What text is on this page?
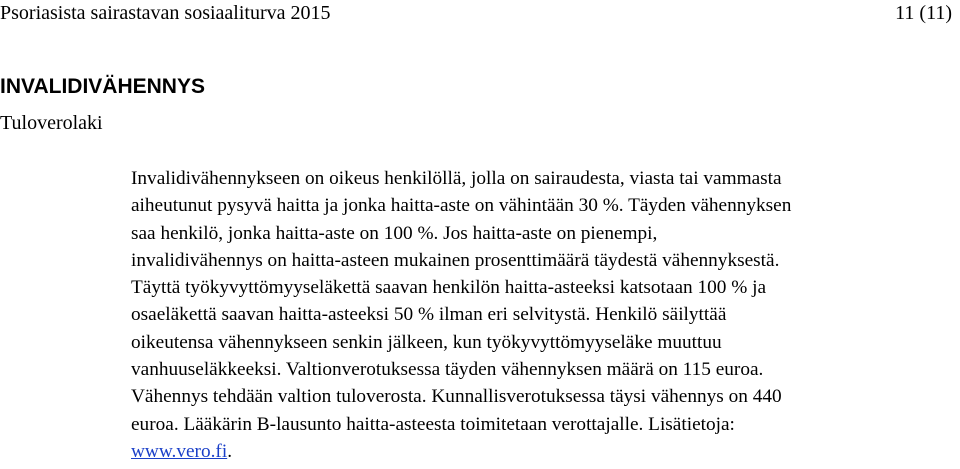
Psoriasista sairastavan sosiaaliturva 2015	11 (11)
INVALIDIVÄHENNYS
Tuloverolaki
Invalidivähennykseen on oikeus henkilöllä, jolla on sairaudesta, viasta tai vammasta
aiheutunut pysyvä haitta ja jonka haitta-aste on vähintään 30 %. Täyden vähennyksen
saa henkilö, jonka haitta-aste on 100 %. Jos haitta-aste on pienempi,
invalidivähennys on haitta-asteen mukainen prosenttimäärä täydestä vähennyksestä.
Täyttä työkyvyttömyyseläkettä saavan henkilön haitta-asteeksi katsotaan 100 % ja
osaeläkettä saavan haitta-asteeksi 50 % ilman eri selvitystä. Henkilö säilyttää
oikeutensa vähennykseen senkin jälkeen, kun työkyvyttömyyseläke muuttuu
vanhuuseläkkeeksi. Valtionverotuksessa täyden vähennyksen määrä on 115 euroa.
Vähennys tehdään valtion tuloverosta. Kunnallisverotuksessa täysi vähennys on 440
euroa. Lääkärin B-lausunto haitta-asteesta toimitetaan verottajalle. Lisätietoja:
www.vero.fi.
